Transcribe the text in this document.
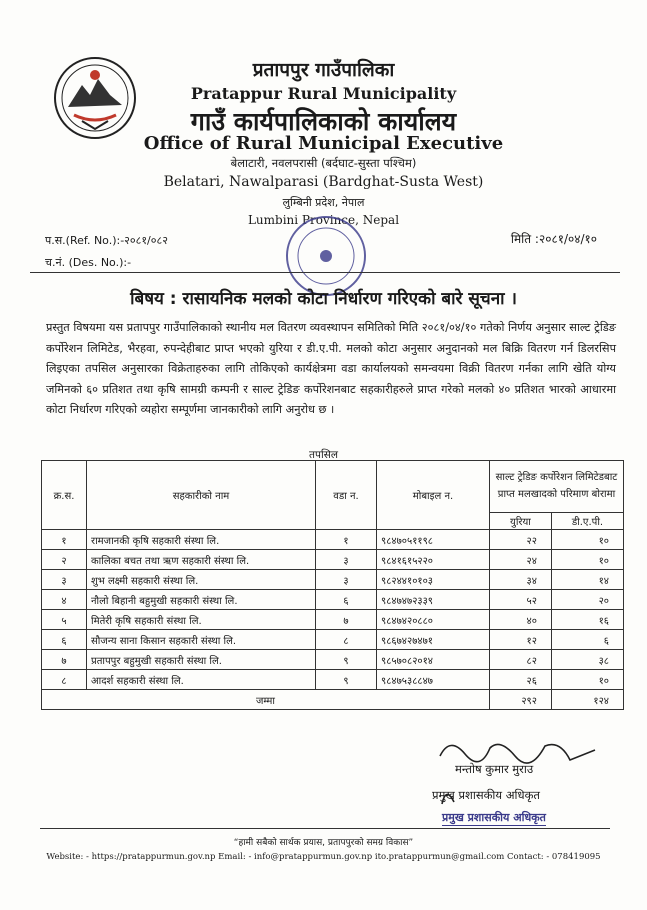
प्रतापपुर गाउँपालिका
Pratappur Rural Municipality
गाउँ कार्यपालिकाको कार्यालय
Office of Rural Municipal Executive
बेलाटारी, नवलपरासी (बर्दघाट-सुस्ता पश्चिम)
Belatari, Nawalparasi (Bardghat-Susta West)
लुम्बिनी प्रदेश, नेपाल
Lumbini Province, Nepal
प.स.(Ref. No.):-२०८१/०८२
च.नं. (Des. No.):-
मिति :२०८१/०४/१०
बिषय : रासायनिक मलको कोटा निर्धारण गरिएको बारे सूचना ।
प्रस्तुत विषयमा यस प्रतापपुर गाउँपालिकाको स्थानीय मल वितरण व्यवस्थापन समितिको मिति २०८१/०४/१० गतेको निर्णय अनुसार साल्ट ट्रेडिङ कर्पोरेशन लिमिटेड, भैरहवा, रुपन्देहीबाट प्राप्त भएको युरिया र डी.ए.पी. मलको कोटा अनुसार अनुदानको मल बिक्रि वितरण गर्न डिलरसिप लिइएका तपसिल अनुसारका विक्रेताहरुका लागि तोकिएको कार्यक्षेत्रमा वडा कार्यालयको समन्वयमा विक्री वितरण गर्नका लागि खेति योग्य जमिनको ६० प्रतिशत तथा कृषि सामग्री कम्पनी र साल्ट ट्रेडिङ कर्पोरेशनबाट सहकारीहरुले प्राप्त गरेको मलको ४० प्रतिशत भारको आधारमा कोटा निर्धारण गरिएको व्यहोरा सम्पूर्णमा जानकारीको लागि अनुरोध छ ।
तपसिल
क्र.स.	सहकारीको नाम	वडा न.	मोबाइल न.	साल्ट ट्रेडिङ कर्पोरेशन लिमिटेडबाट प्राप्त मलखादको परिमाण बोरामा	
				युरिया	डी.ए.पी.
१	रामजानकी कृषि सहकारी संस्था लि.	१	९८४७०५११९८	२२	१०
२	कालिका बचत तथा ऋण सहकारी संस्था लि.	३	९८४१६१५२२०	२४	१०
३	शुभ लक्ष्मी सहकारी संस्था लि.	३	९८२४४१०१०३	३४	१४
४	नौलो बिहानी बहुमुखी सहकारी संस्था लि.	६	९८४७४७२३३९	५२	२०
५	मितेरी कृषि सहकारी संस्था लि.	७	९८४७४२०८८०	४०	१६
६	सौजन्य साना किसान सहकारी संस्था लि.	८	९८६७४२७४७१	१२	६
७	प्रतापपुर बहुमुखी सहकारी संस्था लि.	९	९८५७०८२०१४	८२	३८
८	आदर्श सहकारी संस्था लि.	९	९८४७५३८८४७	२६	१०
जम्मा				२९२	१२४
मन्तोष कुमार मुराउ
प्रमुख प्रशासकीय अधिकृत
प्रमुख प्रशासकीय अधिकृत
“हामी सबैको सार्थक प्रयास, प्रतापपुरको समग्र विकास”
Website: - https://pratappurmun.gov.np Email: - info@pratappurmun.gov.np ito.pratappurmun@gmail.com Contact: - 078419095
